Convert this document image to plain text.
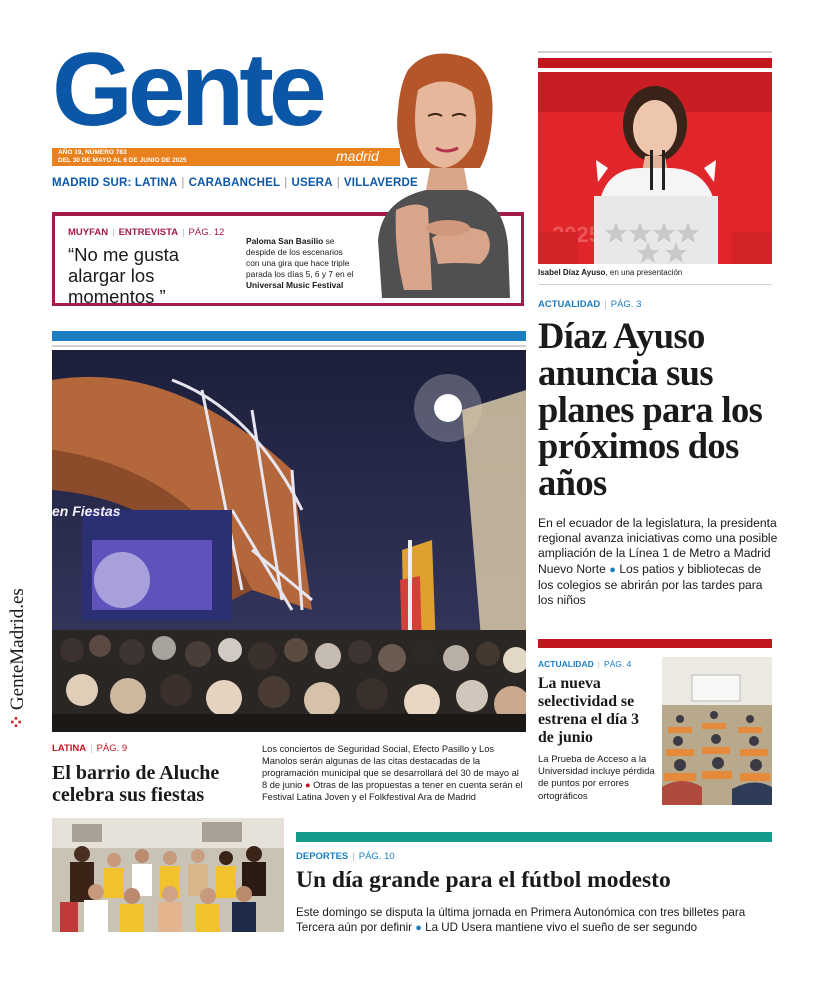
⁘GenteMadrid.es
Gente
AÑO 19, NÚMERO 783
DEL 30 DE MAYO AL 6 DE JUNIO DE 2025	madrid
MADRID SUR: LATINA | CARABANCHEL | USERA | VILLAVERDE
MUYFAN | ENTREVISTA | PÁG. 12
“No me gusta alargar los momentos ”
Paloma San Basilio se despide de los escenarios con una gira que hace triple parada los días 5, 6 y 7 en el Universal Music Festival
Isabel Díaz Ayuso, en una presentación
ACTUALIDAD | PÁG. 3
Díaz Ayuso anuncia sus planes para los próximos dos años
En el ecuador de la legislatura, la presidenta regional avanza iniciativas como una posible ampliación de la Línea 1 de Metro a Madrid Nuevo Norte ● Los patios y bibliotecas de los colegios se abrirán por las tardes para los niños
ACTUALIDAD | PÁG. 4
La nueva selectividad se estrena el día 3 de junio
La Prueba de Acceso a la Universidad incluye pérdida de puntos por errores ortográficos
en Fiestas
LATINA | PÁG. 9
El barrio de Aluche celebra sus fiestas
Los conciertos de Seguridad Social, Efecto Pasillo y Los Manolos serán algunas de las citas destacadas de la programación municipal que se desarrollará del 30 de mayo al 8 de junio ● Otras de las propuestas a tener en cuenta serán el Festival Latina Joven y el Folkfestival Ara de Madrid
DEPORTES | PÁG. 10
Un día grande para el fútbol modesto
Este domingo se disputa la última jornada en Primera Autonómica con tres billetes para Tercera aún por definir ● La UD Usera mantiene vivo el sueño de ser segundo
